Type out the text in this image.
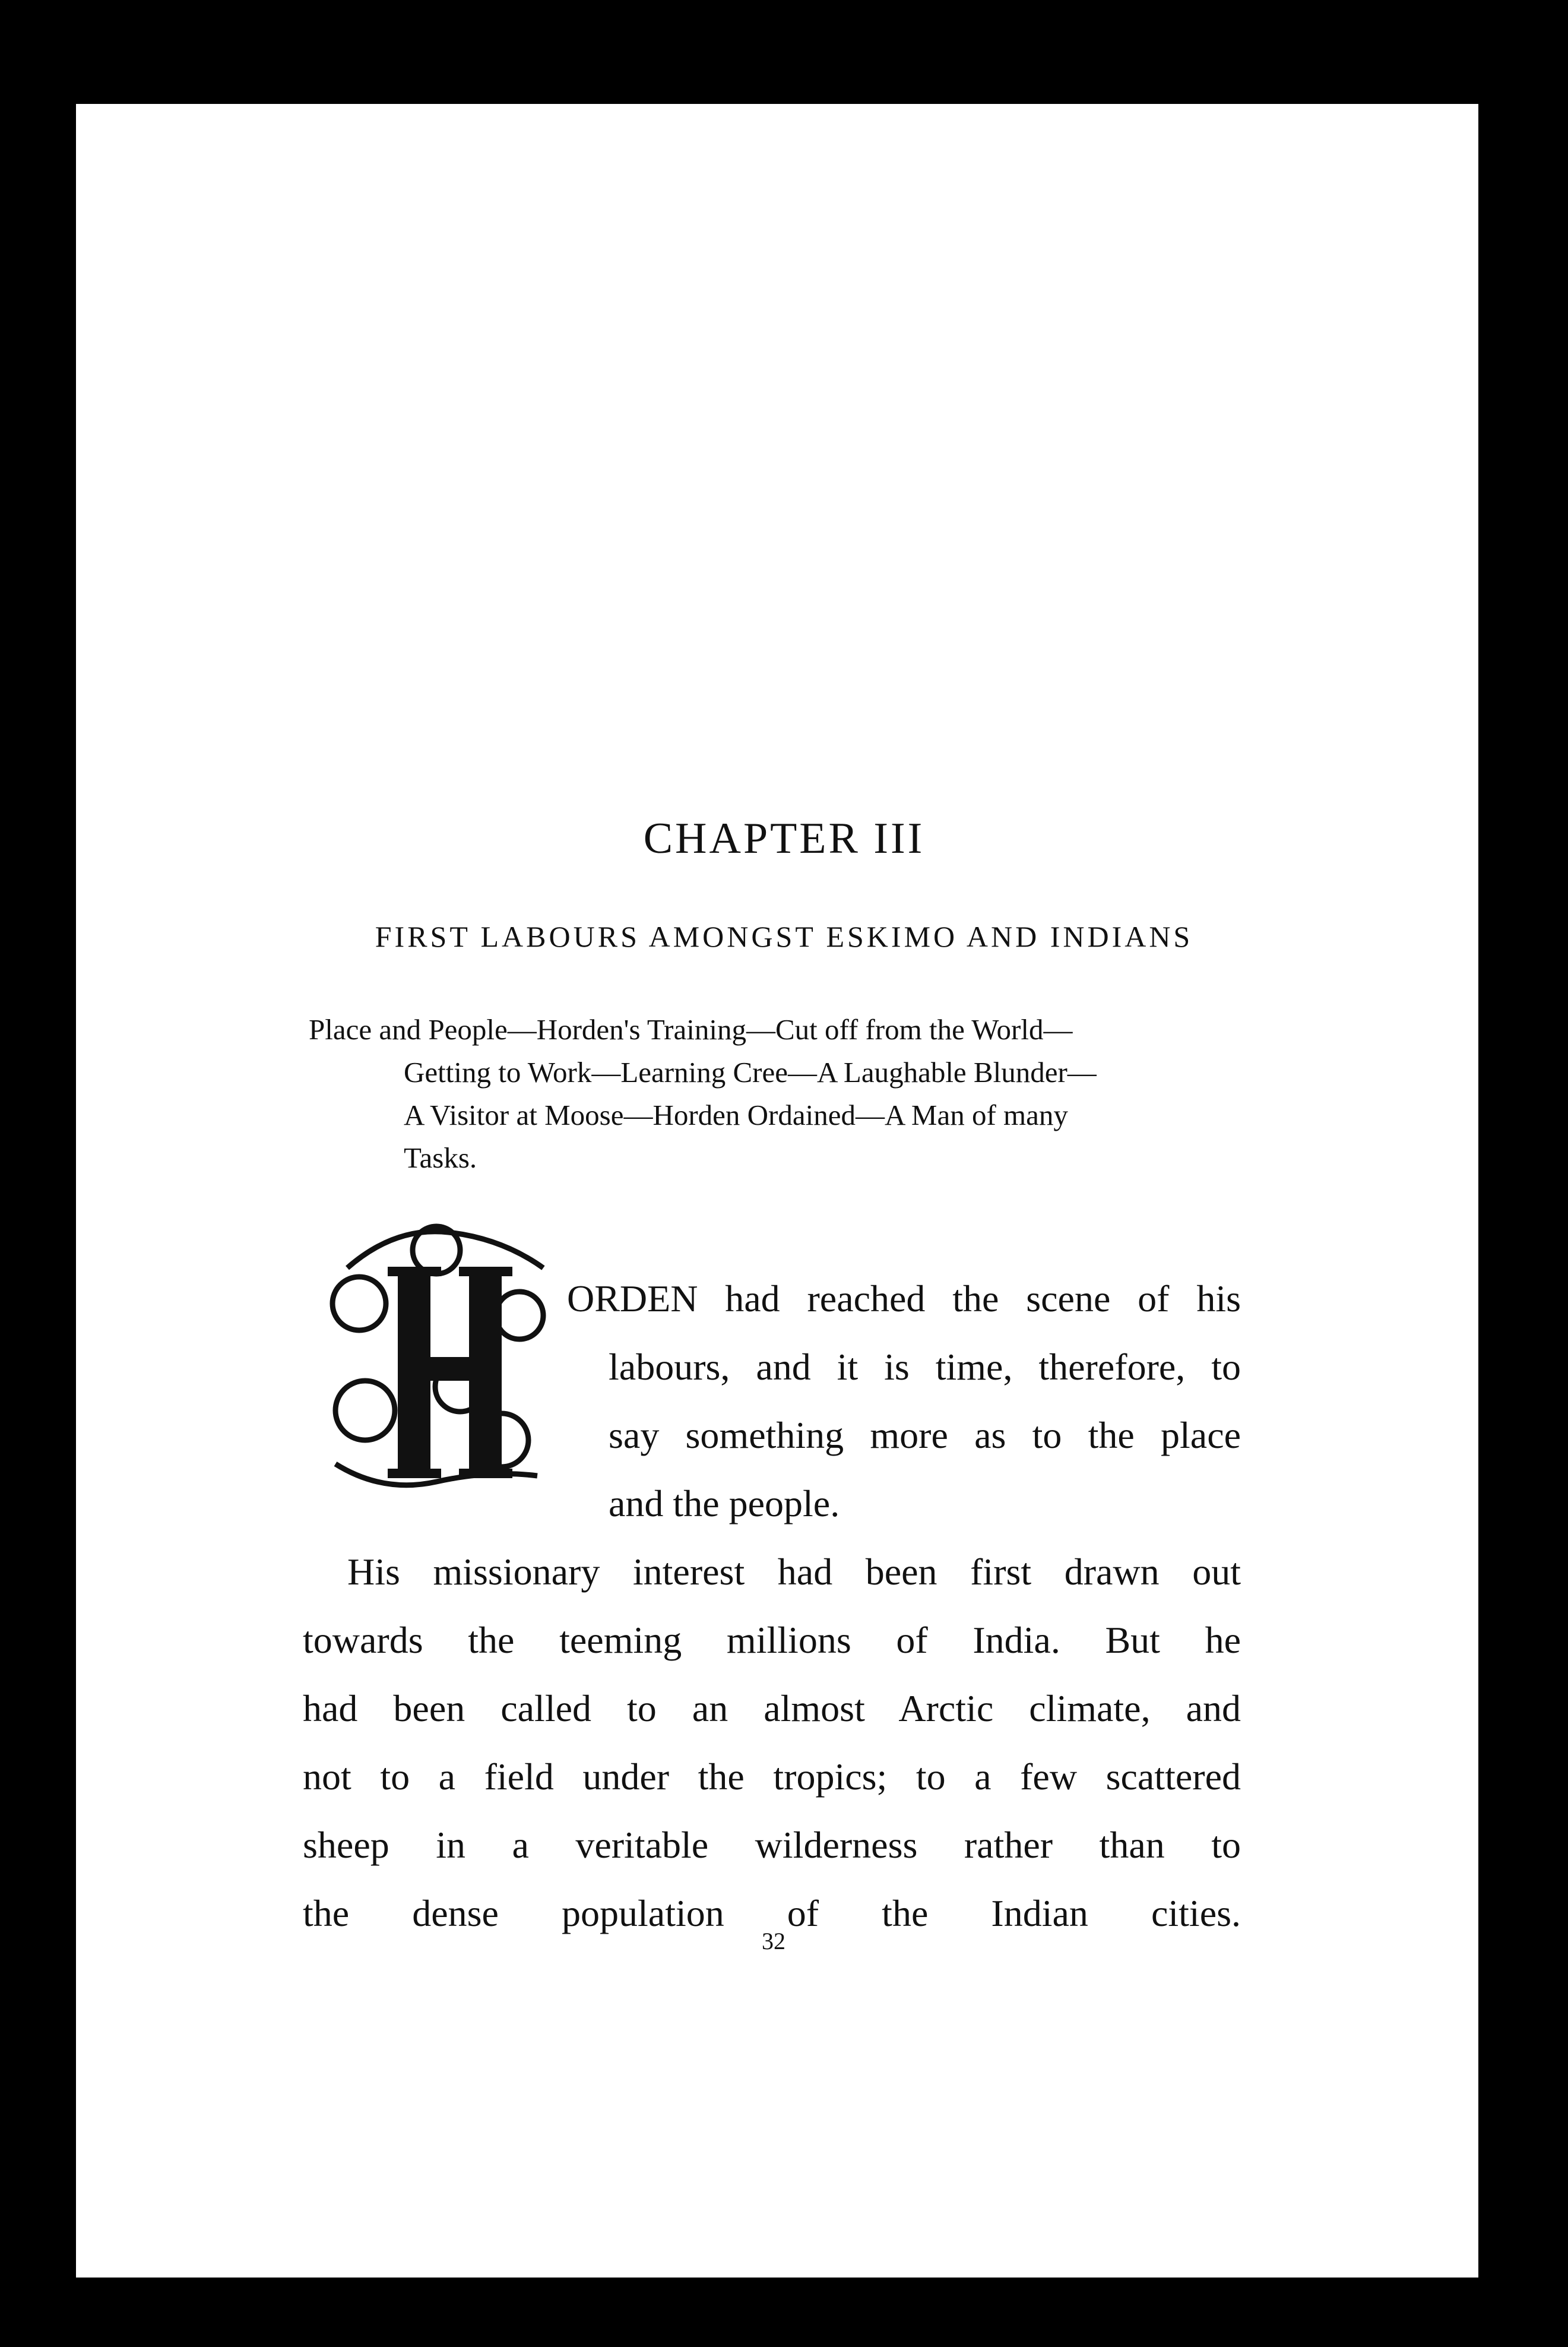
CHAPTER III
FIRST LABOURS AMONGST ESKIMO AND INDIANS
Place and People—Horden's Training—Cut off from the World—
Getting to Work—Learning Cree—A Laughable Blunder—
A Visitor at Moose—Horden Ordained—A Man of many
Tasks.
ORDEN had reached the scene of his
labours, and it is time, therefore, to
say something more as to the place
and the people.
His missionary interest had been first drawn out
towards the teeming millions of India. But he
had been called to an almost Arctic climate, and
not to a field under the tropics; to a few scattered
sheep in a veritable wilderness rather than to
the dense population of the Indian cities.
32
